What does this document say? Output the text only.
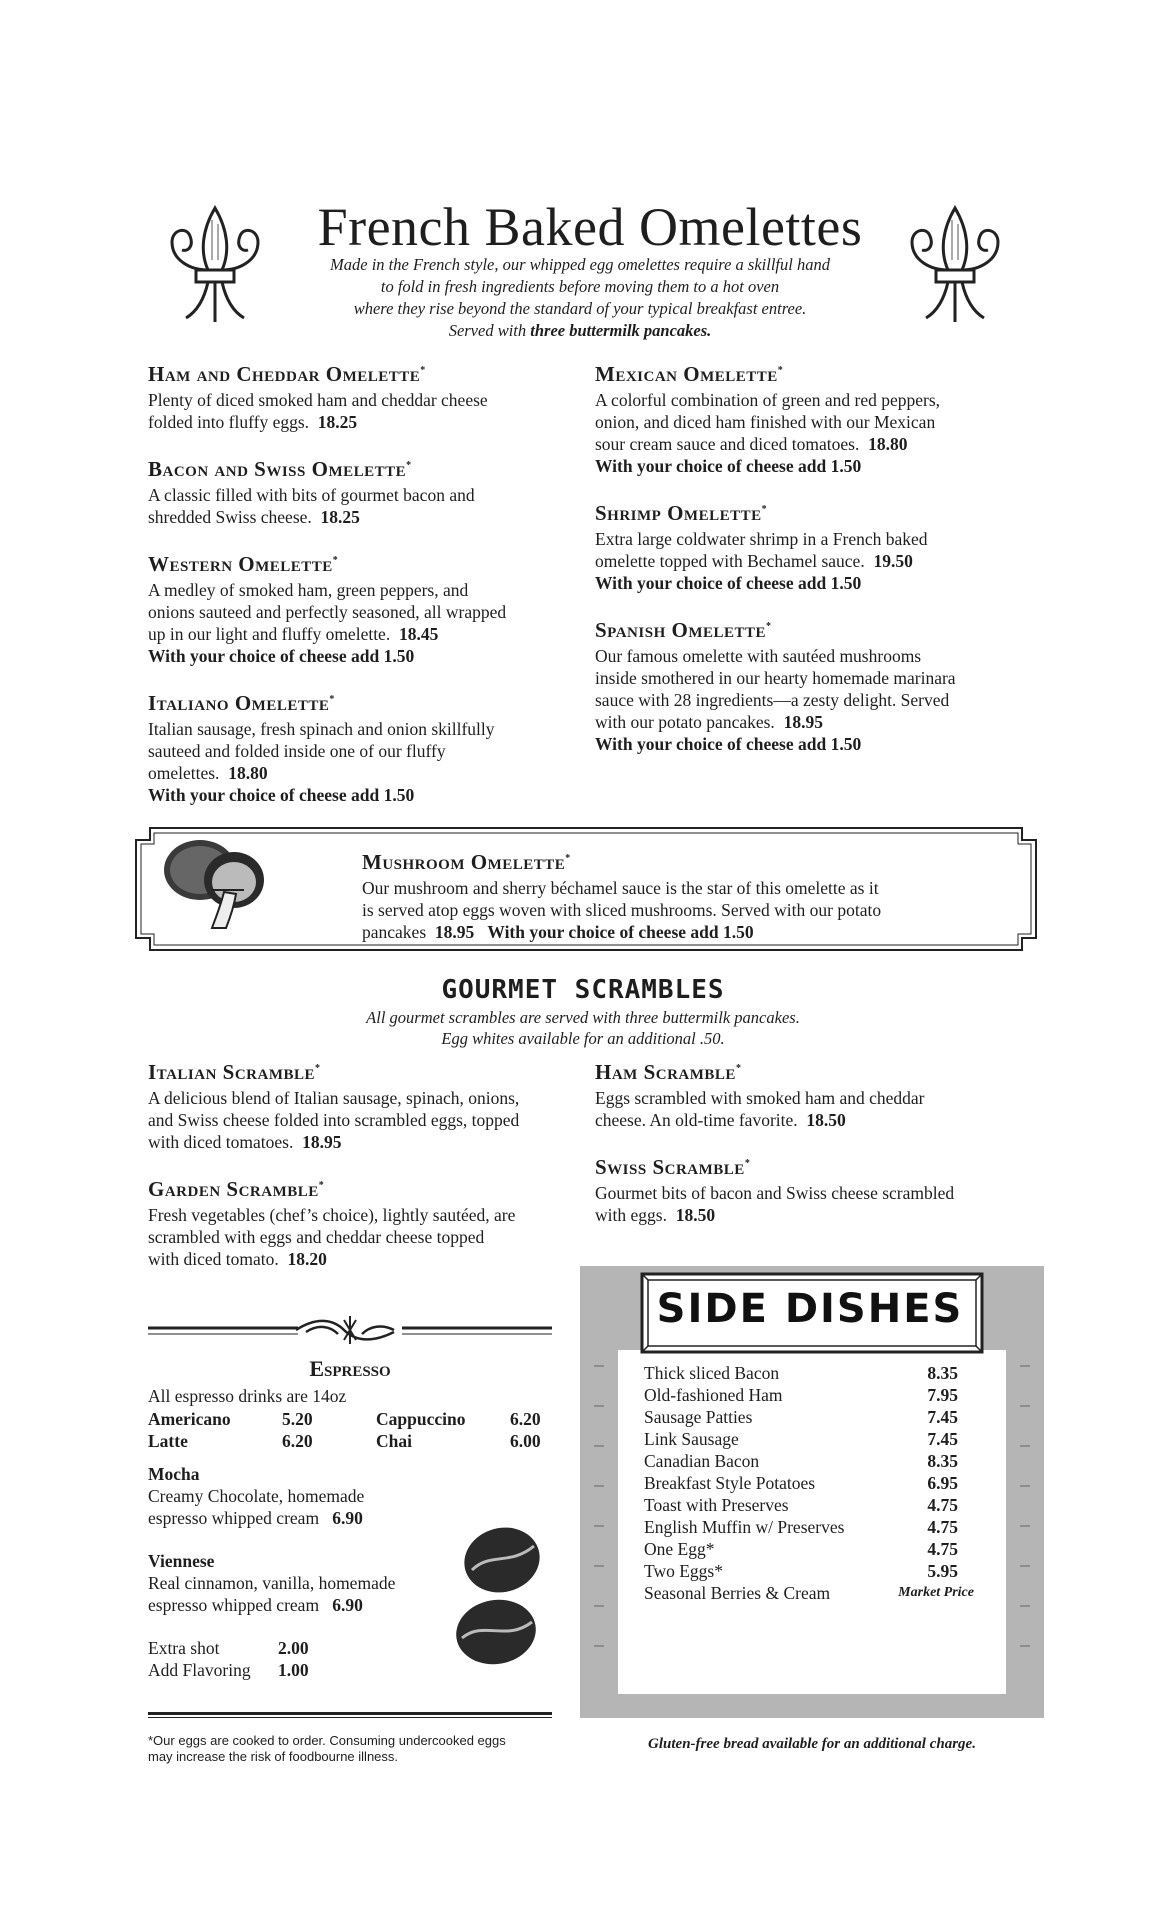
French Baked Omelettes
Made in the French style, our whipped egg omelettes require a skillful hand
to fold in fresh ingredients before moving them to a hot oven
where they rise beyond the standard of your typical breakfast entree.
Served with three buttermilk pancakes.
Ham and Cheddar Omelette*
Plenty of diced smoked ham and cheddar cheese
folded into fluffy eggs. 18.25
Bacon and Swiss Omelette*
A classic filled with bits of gourmet bacon and
shredded Swiss cheese. 18.25
Western Omelette*
A medley of smoked ham, green peppers, and
onions sauteed and perfectly seasoned, all wrapped
up in our light and fluffy omelette. 18.45
With your choice of cheese add 1.50
Italiano Omelette*
Italian sausage, fresh spinach and onion skillfully
sauteed and folded inside one of our fluffy
omelettes. 18.80
With your choice of cheese add 1.50
Mexican Omelette*
A colorful combination of green and red peppers,
onion, and diced ham finished with our Mexican
sour cream sauce and diced tomatoes. 18.80
With your choice of cheese add 1.50
Shrimp Omelette*
Extra large coldwater shrimp in a French baked
omelette topped with Bechamel sauce. 19.50
With your choice of cheese add 1.50
Spanish Omelette*
Our famous omelette with sautéed mushrooms
inside smothered in our hearty homemade marinara
sauce with 28 ingredients—a zesty delight. Served
with our potato pancakes. 18.95
With your choice of cheese add 1.50
Mushroom Omelette*
Our mushroom and sherry béchamel sauce is the star of this omelette as it
is served atop eggs woven with sliced mushrooms. Served with our potato
pancakes 18.95 With your choice of cheese add 1.50
GOURMET SCRAMBLES
All gourmet scrambles are served with three buttermilk pancakes.
Egg whites available for an additional .50.
Italian Scramble*
A delicious blend of Italian sausage, spinach, onions,
and Swiss cheese folded into scrambled eggs, topped
with diced tomatoes. 18.95
Garden Scramble*
Fresh vegetables (chef’s choice), lightly sautéed, are
scrambled with eggs and cheddar cheese topped
with diced tomato. 18.20
Ham Scramble*
Eggs scrambled with smoked ham and cheddar
cheese. An old-time favorite. 18.50
Swiss Scramble*
Gourmet bits of bacon and Swiss cheese scrambled
with eggs. 18.50
Espresso
All espresso drinks are 14oz
Americano	5.20	Cappuccino	6.20
Latte	6.20	Chai	6.00
Mocha
Creamy Chocolate, homemade
espresso whipped cream 6.90
Viennese
Real cinnamon, vanilla, homemade
espresso whipped cream 6.90
Extra shot	2.00
Add Flavoring 1.00
*Our eggs are cooked to order. Consuming undercooked eggs
may increase the risk of foodbourne illness.
SIDE DISHES
Thick sliced Bacon	8.35
Old-fashioned Ham	7.95
Sausage Patties	7.45
Link Sausage	7.45
Canadian Bacon	8.35
Breakfast Style Potatoes	6.95
Toast with Preserves	4.75
English Muffin w/ Preserves	4.75
One Egg*	4.75
Two Eggs*	5.95
Seasonal Berries & Cream	Market Price
Gluten-free bread available for an additional charge.
